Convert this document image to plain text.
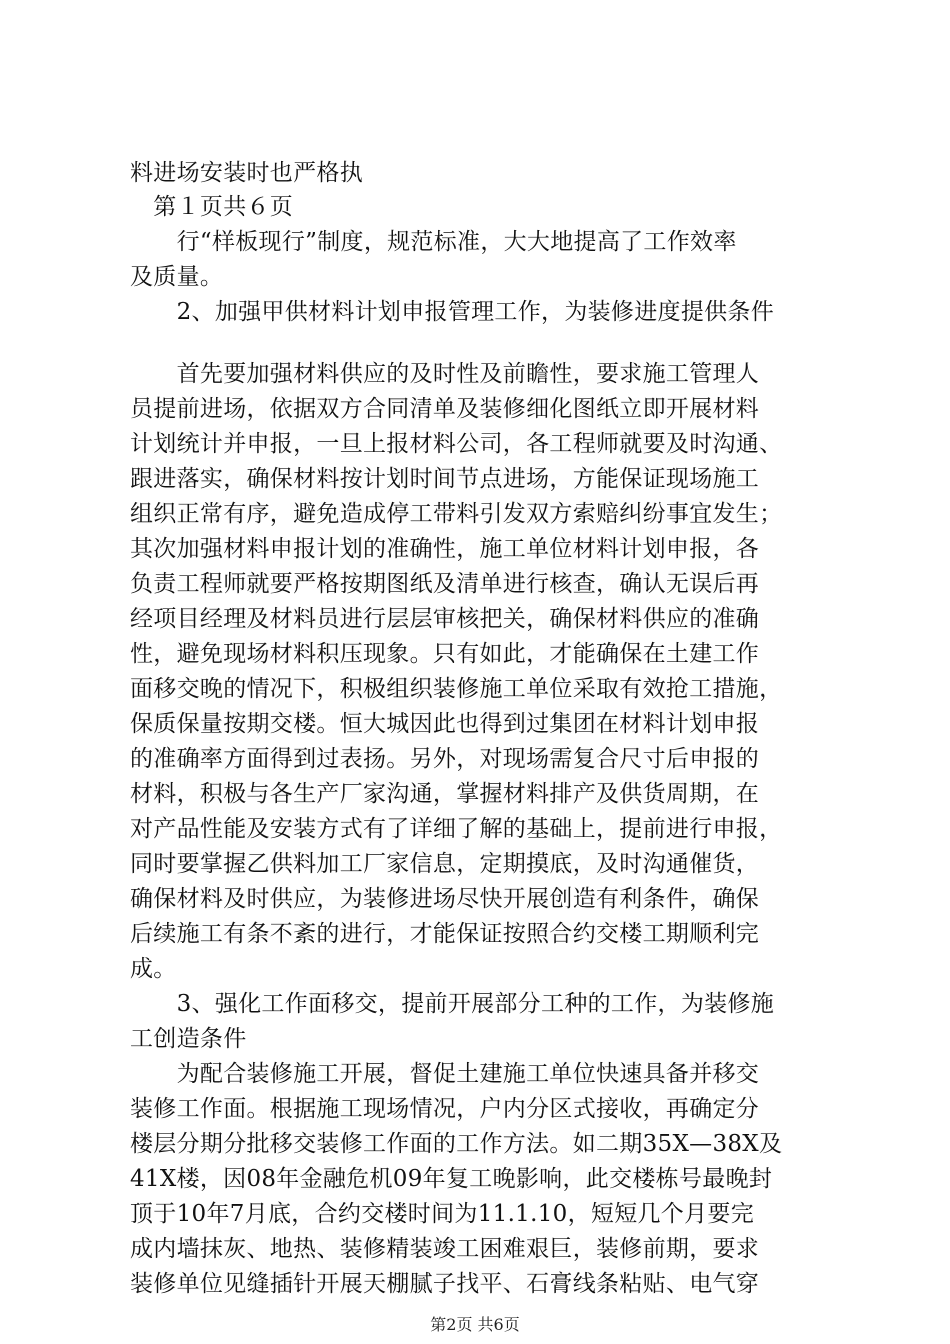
料进场安装时也严格执
　第１页共６页
　　行“样板现行”制度，规范标准，大大地提高了工作效率
及质量。
　　2、加强甲供材料计划申报管理工作，为装修进度提供条件
　　首先要加强材料供应的及时性及前瞻性，要求施工管理人
员提前进场，依据双方合同清单及装修细化图纸立即开展材料
计划统计并申报，一旦上报材料公司，各工程师就要及时沟通、
跟进落实，确保材料按计划时间节点进场，方能保证现场施工
组织正常有序，避免造成停工带料引发双方索赔纠纷事宜发生；
其次加强材料申报计划的准确性，施工单位材料计划申报，各
负责工程师就要严格按期图纸及清单进行核查，确认无误后再
经项目经理及材料员进行层层审核把关，确保材料供应的准确
性，避免现场材料积压现象。只有如此，才能确保在土建工作
面移交晚的情况下，积极组织装修施工单位采取有效抢工措施，
保质保量按期交楼。恒大城因此也得到过集团在材料计划申报
的准确率方面得到过表扬。另外，对现场需复合尺寸后申报的
材料，积极与各生产厂家沟通，掌握材料排产及供货周期，在
对产品性能及安装方式有了详细了解的基础上，提前进行申报，
同时要掌握乙供料加工厂家信息，定期摸底，及时沟通催货，
确保材料及时供应，为装修进场尽快开展创造有利条件，确保
后续施工有条不紊的进行，才能保证按照合约交楼工期顺利完
成。
　　3、强化工作面移交，提前开展部分工种的工作，为装修施
工创造条件
　　为配合装修施工开展，督促土建施工单位快速具备并移交
装修工作面。根据施工现场情况，户内分区式接收，再确定分
楼层分期分批移交装修工作面的工作方法。如二期35X—38X及
41X楼，因08年金融危机09年复工晚影响，此交楼栋号最晚封
顶于10年7月底，合约交楼时间为11.1.10，短短几个月要完
成内墙抹灰、地热、装修精装竣工困难艰巨，装修前期，要求
装修单位见缝插针开展天棚腻子找平、石膏线条粘贴、电气穿
第2页 共6页
